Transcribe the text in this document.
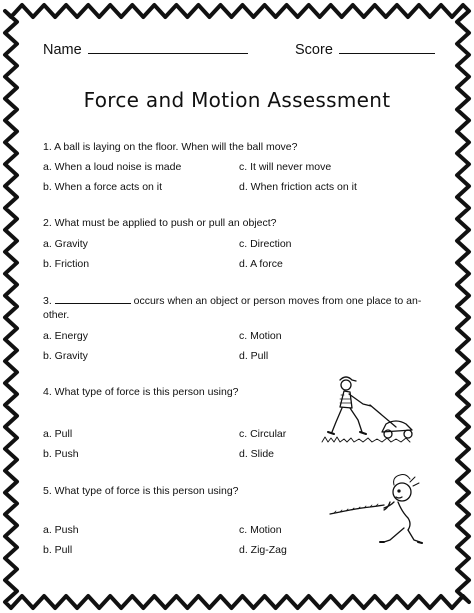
Name	Score
Force and Motion Assessment
1. A ball is laying on the floor. When will the ball move?
a. When a loud noise is made	c. It will never move
b. When a force acts on it	d. When friction acts on it
2. What must be applied to push or pull an object?
a. Gravity	c. Direction
b. Friction	d. A force
3.	occurs when an object or person moves from one place to an-
other.
a. Energy	c. Motion
b. Gravity	d. Pull
4. What type of force is this person using?
a. Pull	c. Circular
b. Push	d. Slide
5. What type of force is this person using?
a. Push	c. Motion
b. Pull	d. Zig-Zag
